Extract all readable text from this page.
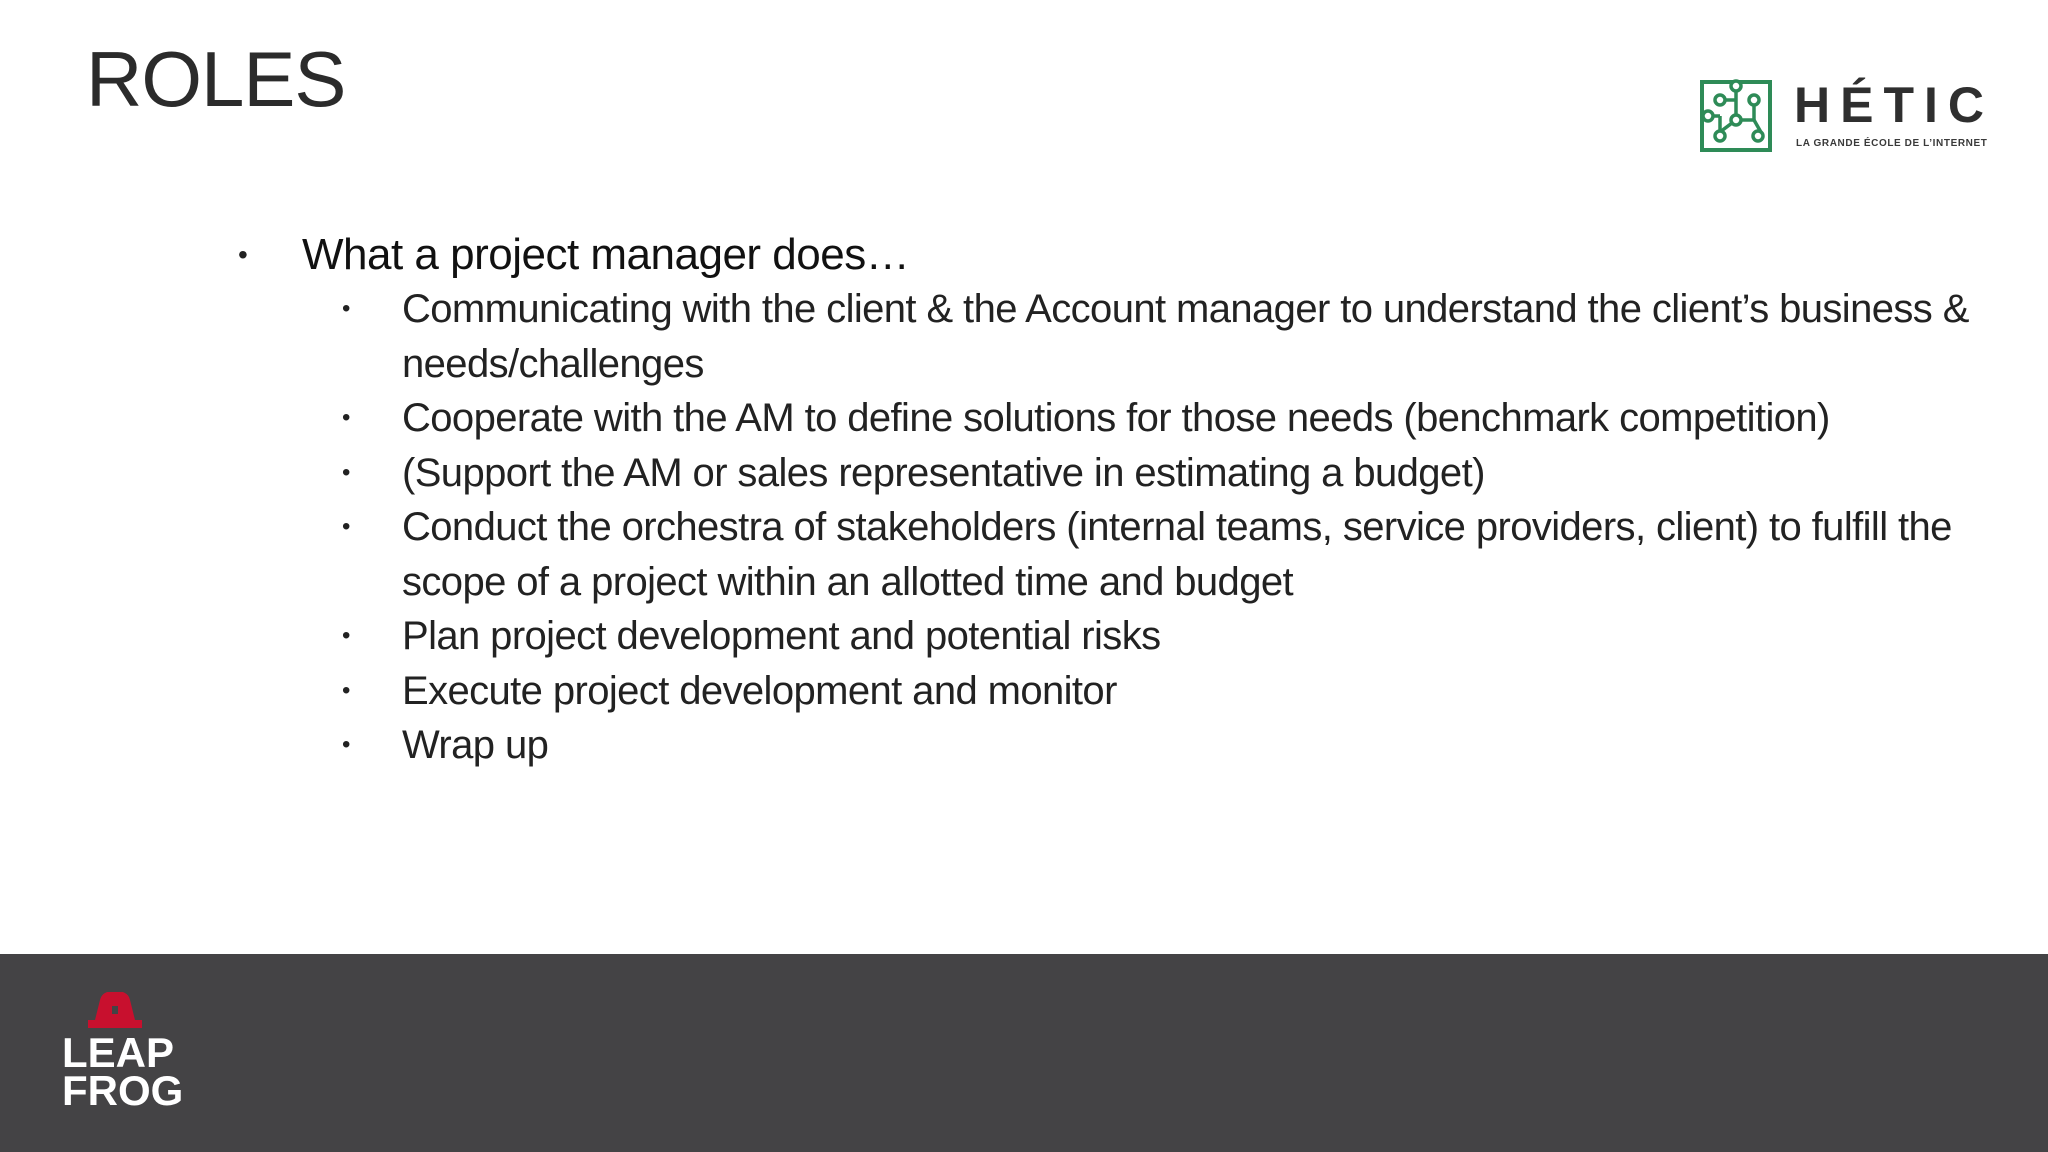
ROLES	HÉTIC
LA GRANDE ÉCOLE DE L’INTERNET
• What a project manager does…
• Communicating with the client & the Account manager to understand the client’s business & needs/challenges
• Cooperate with the AM to define solutions for those needs (benchmark competition)
• (Support the AM or sales representative in estimating a budget)
• Conduct the orchestra of stakeholders (internal teams, service providers, client) to fulfill the scope of a project within an allotted time and budget
• Plan project development and potential risks
• Execute project development and monitor
• Wrap up
LEAP
FROG
